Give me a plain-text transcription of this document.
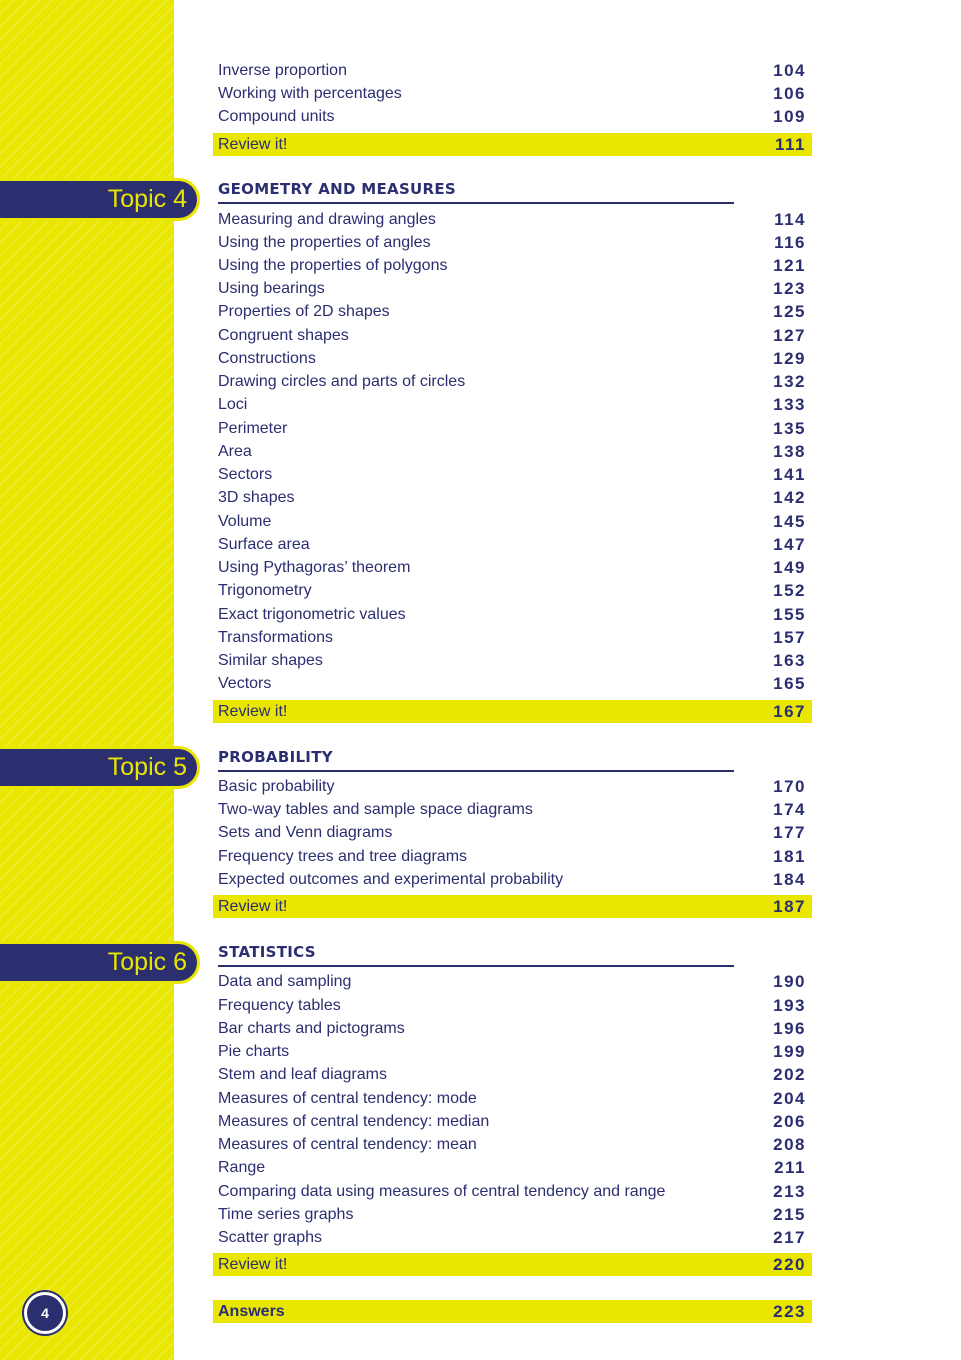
Topic 4
Topic 5
Topic 6
Inverse proportion	104
Working with percentages	106
Compound units	109
Review it!	111
GEOMETRY AND MEASURES
Measuring and drawing angles	114
Using the properties of angles	116
Using the properties of polygons	121
Using bearings	123
Properties of 2D shapes	125
Congruent shapes	127
Constructions	129
Drawing circles and parts of circles	132
Loci	133
Perimeter	135
Area	138
Sectors	141
3D shapes	142
Volume	145
Surface area	147
Using Pythagoras’ theorem	149
Trigonometry	152
Exact trigonometric values	155
Transformations	157
Similar shapes	163
Vectors	165
Review it!	167
PROBABILITY
Basic probability	170
Two-way tables and sample space diagrams	174
Sets and Venn diagrams	177
Frequency trees and tree diagrams	181
Expected outcomes and experimental probability	184
Review it!	187
STATISTICS
Data and sampling	190
Frequency tables	193
Bar charts and pictograms	196
Pie charts	199
Stem and leaf diagrams	202
Measures of central tendency: mode	204
Measures of central tendency: median	206
Measures of central tendency: mean	208
Range	211
Comparing data using measures of central tendency and range	213
Time series graphs	215
Scatter graphs	217
Review it!	220
Answers	223
4
